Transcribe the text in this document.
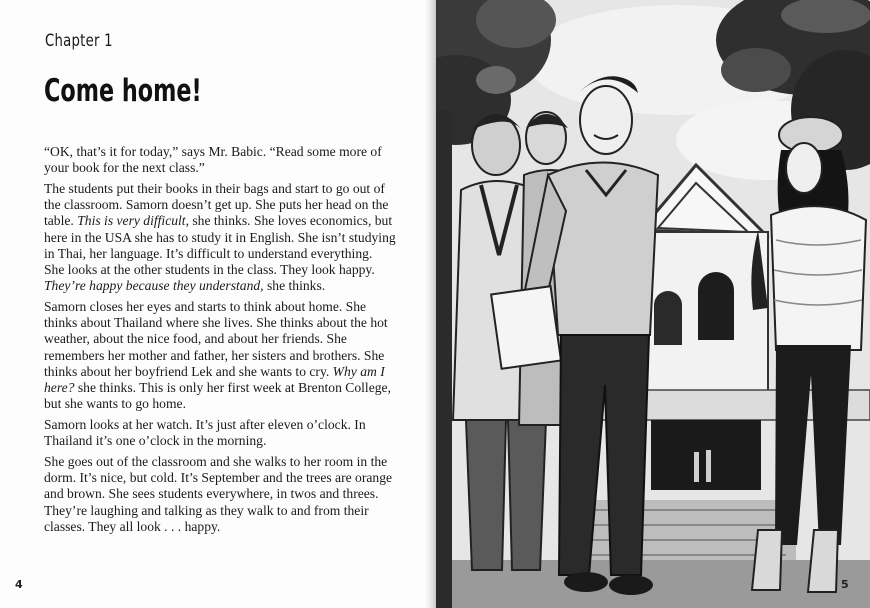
Chapter 1
Come home!

“OK, that’s it for today,” says Mr. Babic. “Read some more of your book for the next class.”

The students put their books in their bags and start to go out of the classroom. Samorn doesn’t get up. She puts her head on the table. This is very difficult, she thinks. She loves economics, but here in the USA she has to study it in English. She isn’t studying in Thai, her language. It’s difficult to understand everything. She looks at the other students in the class. They look happy. They’re happy because they understand, she thinks.

Samorn closes her eyes and starts to think about home. She thinks about Thailand where she lives. She thinks about the hot weather, about the nice food, and about her friends. She remembers her mother and father, her sisters and brothers. She thinks about her boyfriend Lek and she wants to cry. Why am I here? she thinks. This is only her first week at Brenton College, but she wants to go home.

Samorn looks at her watch. It’s just after eleven o’clock. In Thailand it’s one o’clock in the morning.

She goes out of the classroom and she walks to her room in the dorm. It’s nice, but cold. It’s September and the trees are orange and brown. She sees students everywhere, in twos and threes. They’re laughing and talking as they walk to and from their classes. They all look . . . happy.

4	5
